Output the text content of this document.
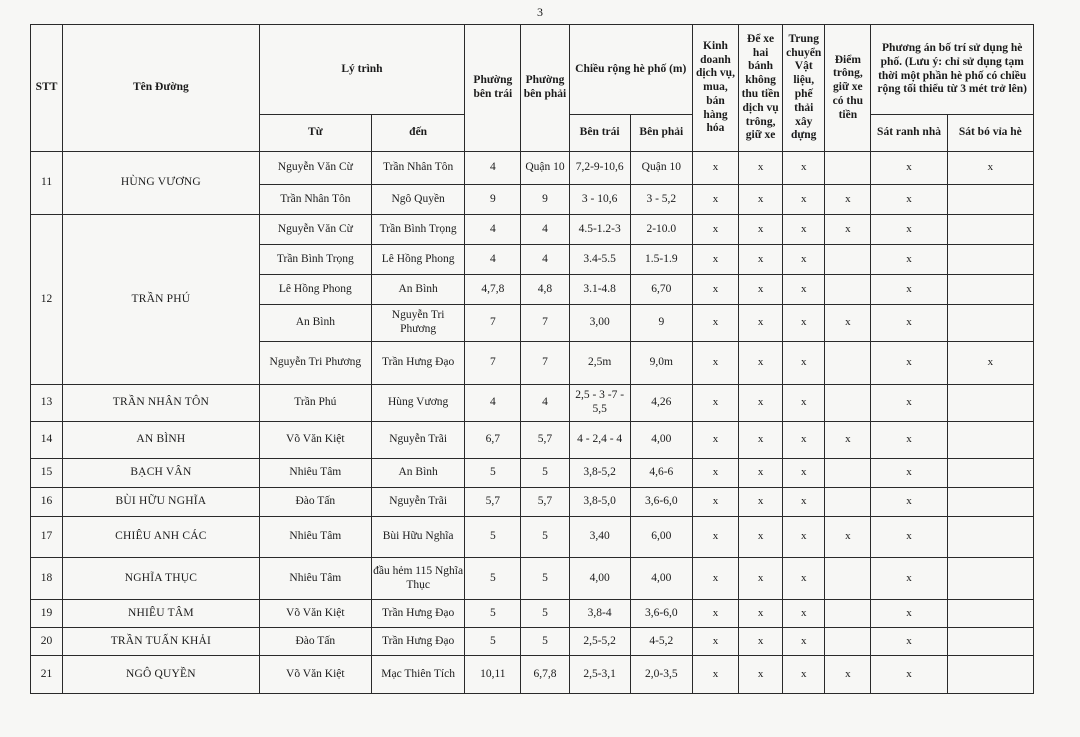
3
STT	Tên Đường	Lý trình		Phường bên trái	Phường bên phải	Chiều rộng hè phố (m)		Kinh doanh dịch vụ, mua, bán hàng hóa	Để xe hai bánh không thu tiền dịch vụ trông, giữ xe	Trung chuyển Vật liệu, phế thải xây dựng	Điểm trông, giữ xe có thu tiền	Phương án bố trí sử dụng hè phố. (Lưu ý: chỉ sử dụng tạm thời một phần hè phố có chiều rộng tối thiểu từ 3 mét trở lên)	
		Từ	đến			Bên trái	Bên phải					Sát ranh nhà	Sát bó vỉa hè
11	HÙNG VƯƠNG	Nguyễn Văn Cừ	Trần Nhân Tôn	4	Quận 10	7,2-9-10,6	Quận 10	x	x	x		x	x
		Trần Nhân Tôn	Ngô Quyền	9	9	3 - 10,6	3 - 5,2	x	x	x	x	x	
12	TRẦN PHÚ	Nguyễn Văn Cừ	Trần Bình Trọng	4	4	4.5-1.2-3	2-10.0	x	x	x	x	x	
		Trần Bình Trọng	Lê Hồng Phong	4	4	3.4-5.5	1.5-1.9	x	x	x		x	
		Lê Hồng Phong	An Bình	4,7,8	4,8	3.1-4.8	6,70	x	x	x		x	
		An Bình	Nguyễn Tri Phương	7	7	3,00	9	x	x	x	x	x	
		Nguyễn Tri Phương	Trần Hưng Đạo	7	7	2,5m	9,0m	x	x	x		x	x
13	TRẦN NHÂN TÔN	Trần Phú	Hùng Vương	4	4	2,5 - 3 -7 - 5,5	4,26	x	x	x		x	
14	AN BÌNH	Võ Văn Kiệt	Nguyễn Trãi	6,7	5,7	4 - 2,4 - 4	4,00	x	x	x	x	x	
15	BẠCH VÂN	Nhiêu Tâm	An Bình	5	5	3,8-5,2	4,6-6	x	x	x		x	
16	BÙI HỮU NGHĨA	Đào Tấn	Nguyễn Trãi	5,7	5,7	3,8-5,0	3,6-6,0	x	x	x		x	
17	CHIÊU ANH CÁC	Nhiêu Tâm	Bùi Hữu Nghĩa	5	5	3,40	6,00	x	x	x	x	x	
18	NGHĨA THỤC	Nhiêu Tâm	đầu hẻm 115 Nghĩa Thục	5	5	4,00	4,00	x	x	x		x	
19	NHIÊU TÂM	Võ Văn Kiệt	Trần Hưng Đạo	5	5	3,8-4	3,6-6,0	x	x	x		x	
20	TRẦN TUẤN KHẢI	Đào Tấn	Trần Hưng Đạo	5	5	2,5-5,2	4-5,2	x	x	x		x	
21	NGÔ QUYỀN	Võ Văn Kiệt	Mạc Thiên Tích	10,11	6,7,8	2,5-3,1	2,0-3,5	x	x	x	x	x	
